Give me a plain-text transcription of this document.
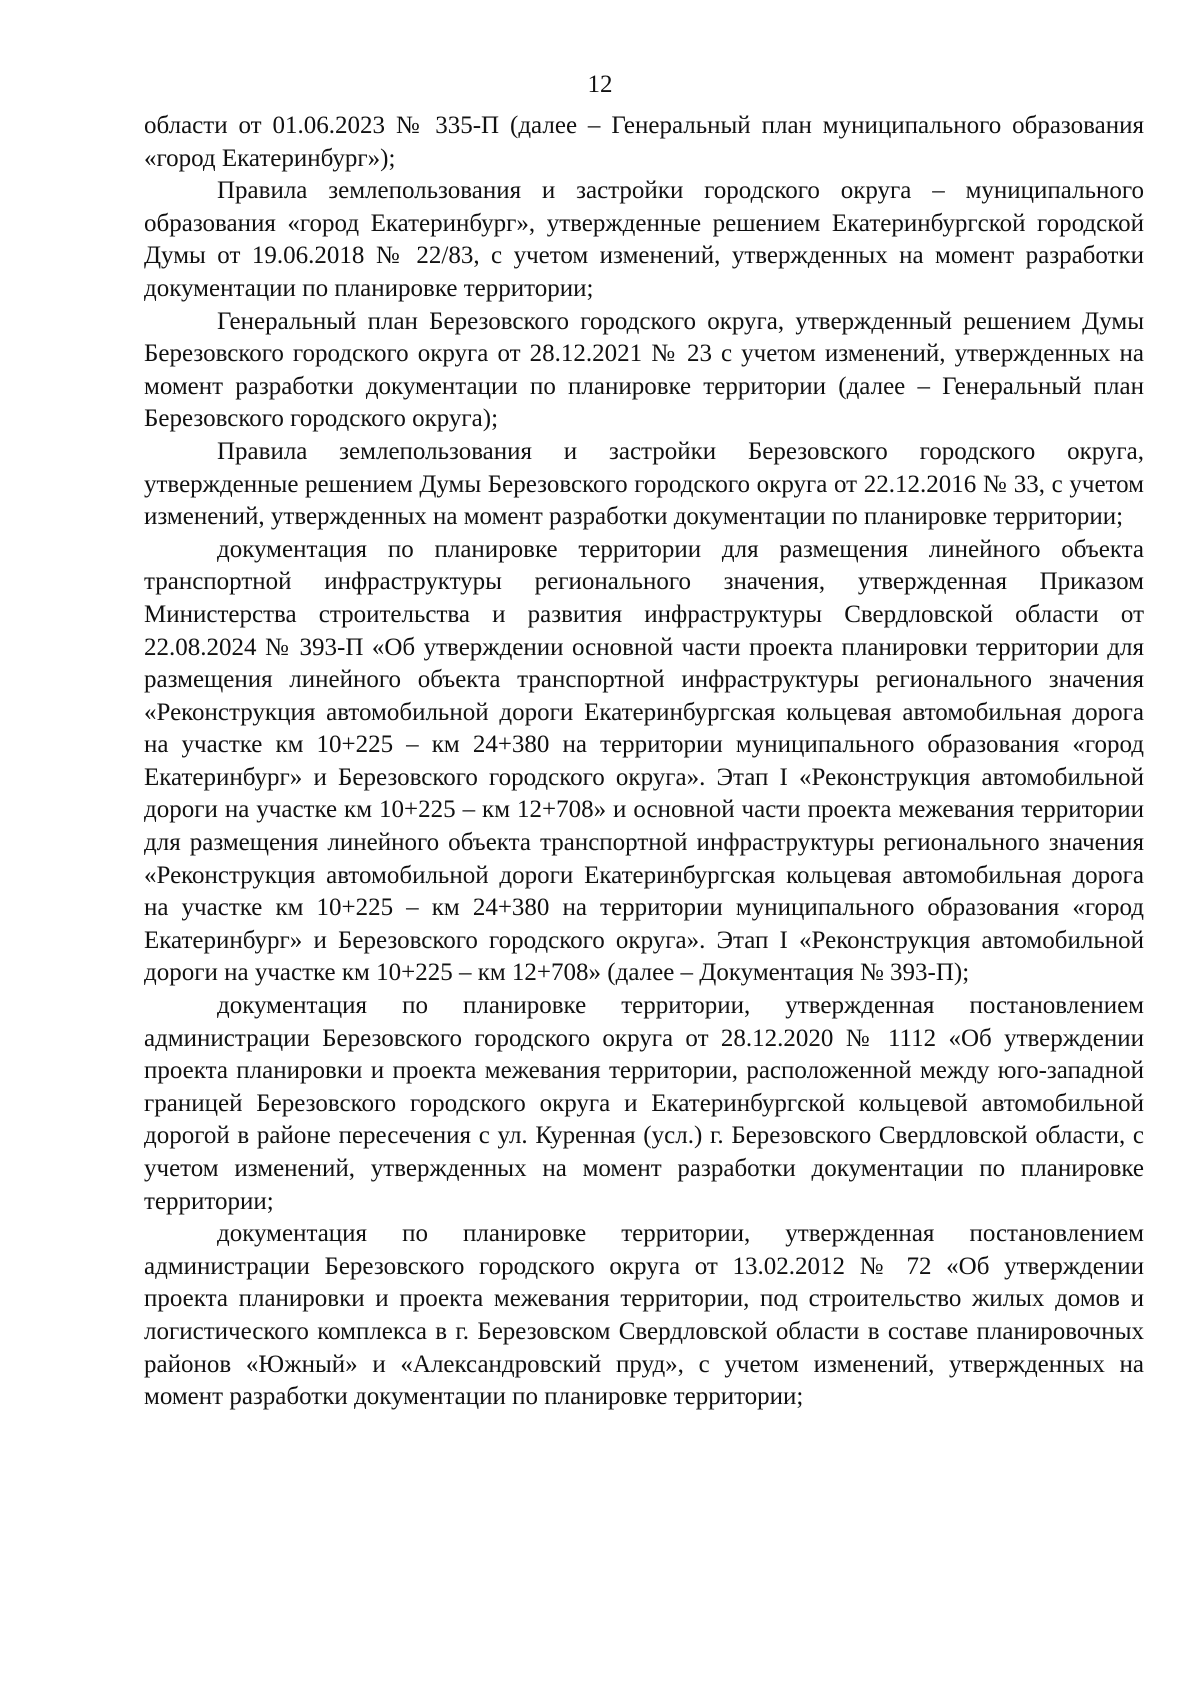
12

области от 01.06.2023 № 335-П (далее – Генеральный план муниципального образования «город Екатеринбург»);

Правила землепользования и застройки городского округа – муниципального образования «город Екатеринбург», утвержденные решением Екатеринбургской городской Думы от 19.06.2018 № 22/83, с учетом изменений, утвержденных на момент разработки документации по планировке территории;

Генеральный план Березовского городского округа, утвержденный решением Думы Березовского городского округа от 28.12.2021 № 23 с учетом изменений, утвержденных на момент разработки документации по планировке территории (далее – Генеральный план Березовского городского округа);

Правила землепользования и застройки Березовского городского округа, утвержденные решением Думы Березовского городского округа от 22.12.2016 № 33, с учетом изменений, утвержденных на момент разработки документации по планировке территории;

документация по планировке территории для размещения линейного объекта транспортной инфраструктуры регионального значения, утвержденная Приказом Министерства строительства и развития инфраструктуры Свердловской области от 22.08.2024 № 393-П «Об утверждении основной части проекта планировки территории для размещения линейного объекта транспортной инфраструктуры регионального значения «Реконструкция автомобильной дороги Екатеринбургская кольцевая автомобильная дорога на участке км 10+225 – км 24+380 на территории муниципального образования «город Екатеринбург» и Березовского городского округа». Этап I «Реконструкция автомобильной дороги на участке км 10+225 – км 12+708» и основной части проекта межевания территории для размещения линейного объекта транспортной инфраструктуры регионального значения «Реконструкция автомобильной дороги Екатеринбургская кольцевая автомобильная дорога на участке км 10+225 – км 24+380 на территории муниципального образования «город Екатеринбург» и Березовского городского округа». Этап I «Реконструкция автомобильной дороги на участке км 10+225 – км 12+708» (далее – Документация № 393-П);

документация по планировке территории, утвержденная постановлением администрации Березовского городского округа от 28.12.2020 № 1112 «Об утверждении проекта планировки и проекта межевания территории, расположенной между юго-западной границей Березовского городского округа и Екатеринбургской кольцевой автомобильной дорогой в районе пересечения с ул. Куренная (усл.) г. Березовского Свердловской области, с учетом изменений, утвержденных на момент разработки документации по планировке территории;

документация по планировке территории, утвержденная постановлением администрации Березовского городского округа от 13.02.2012 № 72 «Об утверждении проекта планировки и проекта межевания территории, под строительство жилых домов и логистического комплекса в г. Березовском Свердловской области в составе планировочных районов «Южный» и «Александровский пруд», с учетом изменений, утвержденных на момент разработки документации по планировке территории;
